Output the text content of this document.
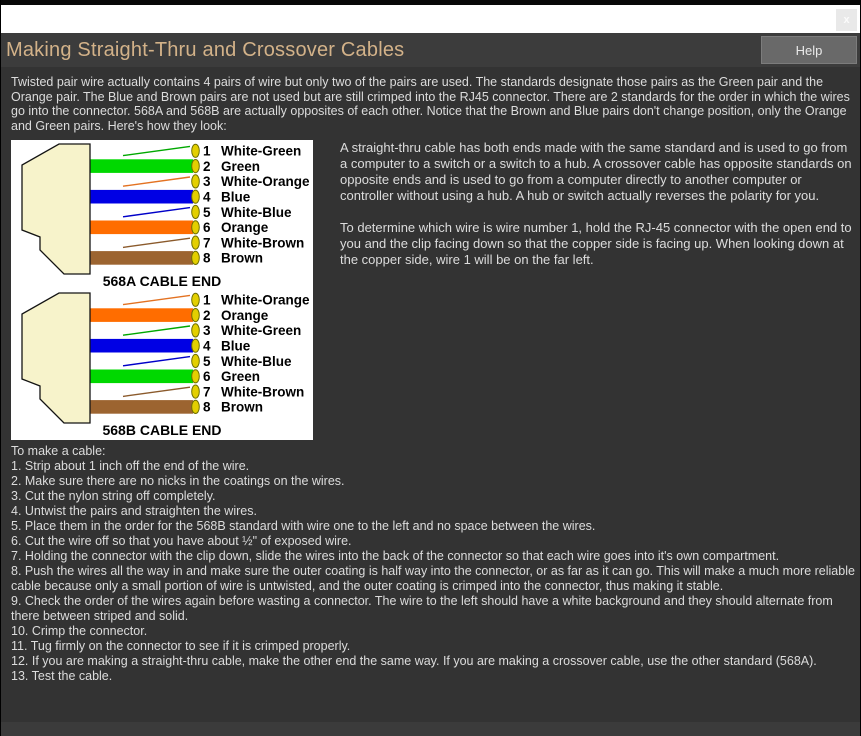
x
Making Straight-Thru and Crossover Cables	Help

Twisted pair wire actually contains 4 pairs of wire but only two of the pairs are used. The standards designate those pairs as the Green pair and the Orange pair. The Blue and Brown pairs are not used but are still crimped into the RJ45 connector. There are 2 standards for the order in which the wires go into the connector. 568A and 568B are actually opposites of each other. Notice that the Brown and Blue pairs don't change position, only the Orange and Green pairs. Here's how they look:

1 White-Green
2 Green
3 White-Orange
4 Blue
5 White-Blue
6 Orange
7 White-Brown
8 Brown
568A CABLE END
1 White-Orange
2 Orange
3 White-Green
4 Blue
5 White-Blue
6 Green
7 White-Brown
8 Brown
568B CABLE END

A straight-thru cable has both ends made with the same standard and is used to go from a computer to a switch or a switch to a hub. A crossover cable has opposite standards on opposite ends and is used to go from a computer directly to another computer or controller without using a hub. A hub or switch actually reverses the polarity for you.

To determine which wire is wire number 1, hold the RJ-45 connector with the open end to you and the clip facing down so that the copper side is facing up. When looking down at the copper side, wire 1 will be on the far left.

To make a cable:

1. Strip about 1 inch off the end of the wire.

2. Make sure there are no nicks in the coatings on the wires.

3. Cut the nylon string off completely.

4. Untwist the pairs and straighten the wires.

5. Place them in the order for the 568B standard with wire one to the left and no space between the wires.

6. Cut the wire off so that you have about ½" of exposed wire.

7. Holding the connector with the clip down, slide the wires into the back of the connector so that each wire goes into it's own compartment.

8. Push the wires all the way in and make sure the outer coating is half way into the connector, or as far as it can go. This will make a much more reliable cable because only a small portion of wire is untwisted, and the outer coating is crimped into the connector, thus making it stable.

9. Check the order of the wires again before wasting a connector. The wire to the left should have a white background and they should alternate from there between striped and solid.

10. Crimp the connector.

11. Tug firmly on the connector to see if it is crimped properly.

12. If you are making a straight-thru cable, make the other end the same way. If you are making a crossover cable, use the other standard (568A).

13. Test the cable.
